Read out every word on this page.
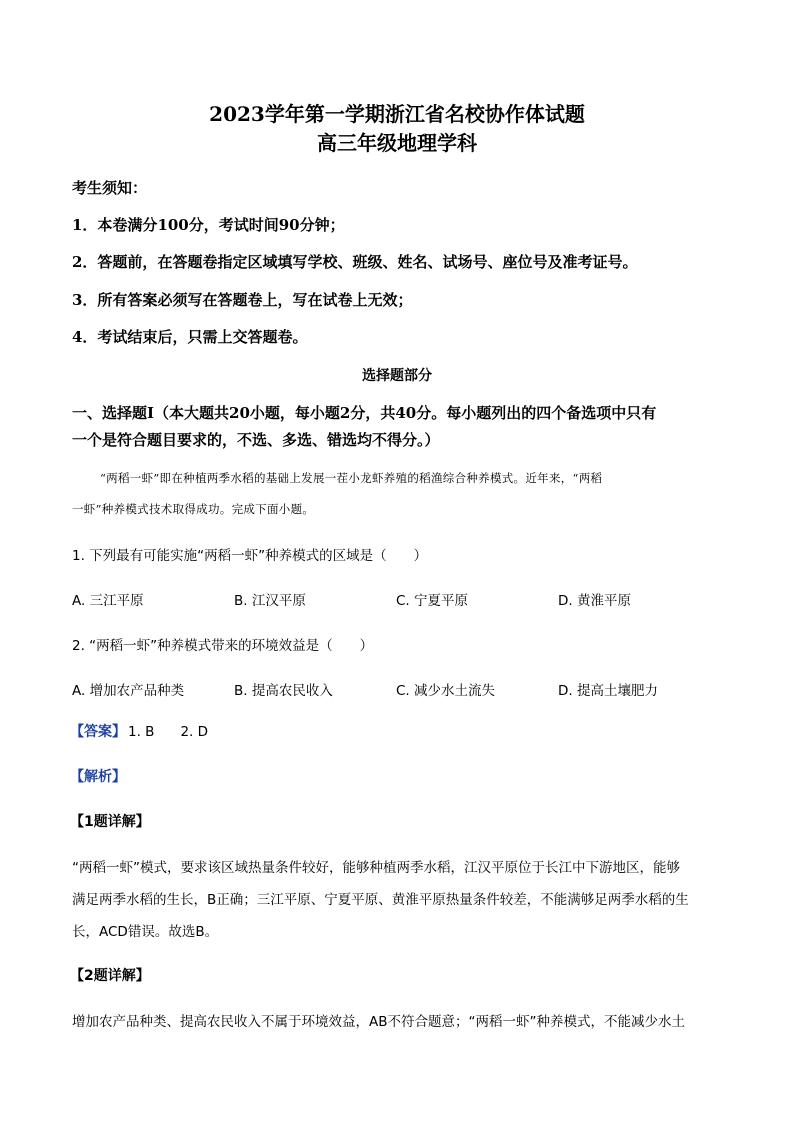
2023学年第一学期浙江省名校协作体试题
高三年级地理学科
考生须知：
1．本卷满分100分，考试时间90分钟；
2．答题前，在答题卷指定区域填写学校、班级、姓名、试场号、座位号及准考证号。
3．所有答案必须写在答题卷上，写在试卷上无效；
4．考试结束后，只需上交答题卷。
选择题部分
一、选择题Ⅰ（本大题共20小题，每小题2分，共40分。每小题列出的四个备选项中只有
一个是符合题目要求的，不选、多选、错选均不得分。）
“两稻一虾”即在种植两季水稻的基础上发展一茬小龙虾养殖的稻渔综合种养模式。近年来，“两稻
一虾”种养模式技术取得成功。完成下面小题。
1. 下列最有可能实施“两稻一虾”种养模式的区域是（　　）
A. 三江平原	B. 江汉平原	C. 宁夏平原	D. 黄淮平原
2. “两稻一虾”种养模式带来的环境效益是（　　）
A. 增加农产品种类	B. 提高农民收入	C. 减少水土流失	D. 提高土壤肥力
【答案】 1. B 2. D
【解析】
【1题详解】
“两稻一虾”模式，要求该区域热量条件较好，能够种植两季水稻，江汉平原位于长江中下游地区，能够
满足两季水稻的生长，B正确；三江平原、宁夏平原、黄淮平原热量条件较差，不能满够足两季水稻的生
长，ACD错误。故选B。
【2题详解】
增加农产品种类、提高农民收入不属于环境效益，AB不符合题意；“两稻一虾”种养模式，不能减少水土
